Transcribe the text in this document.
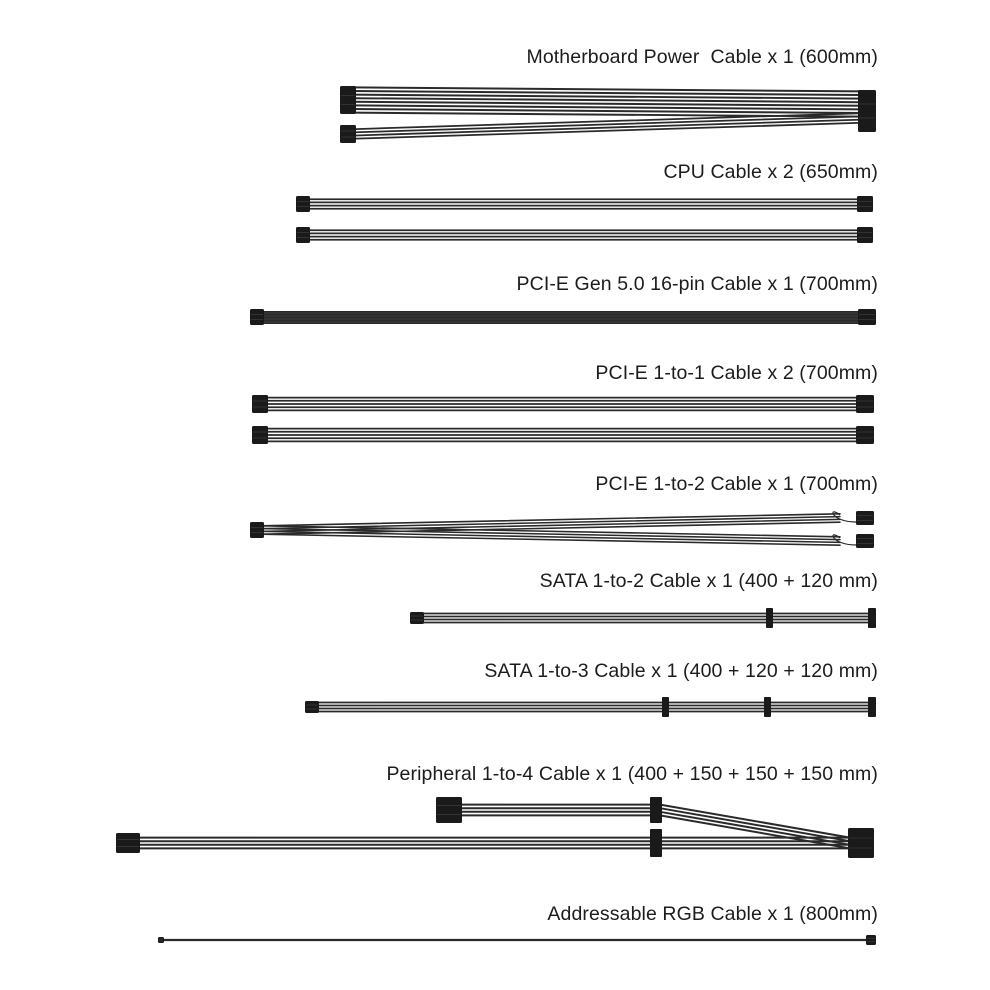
Motherboard Power  Cable x 1 (600mm)
CPU Cable x 2 (650mm)
PCI-E Gen 5.0 16-pin Cable x 1 (700mm)
PCI-E 1-to-1 Cable x 2 (700mm)
PCI-E 1-to-2 Cable x 1 (700mm)
SATA 1-to-2 Cable x 1 (400 + 120 mm)
SATA 1-to-3 Cable x 1 (400 + 120 + 120 mm)
Peripheral 1-to-4 Cable x 1 (400 + 150 + 150 + 150 mm)
Addressable RGB Cable x 1 (800mm)
